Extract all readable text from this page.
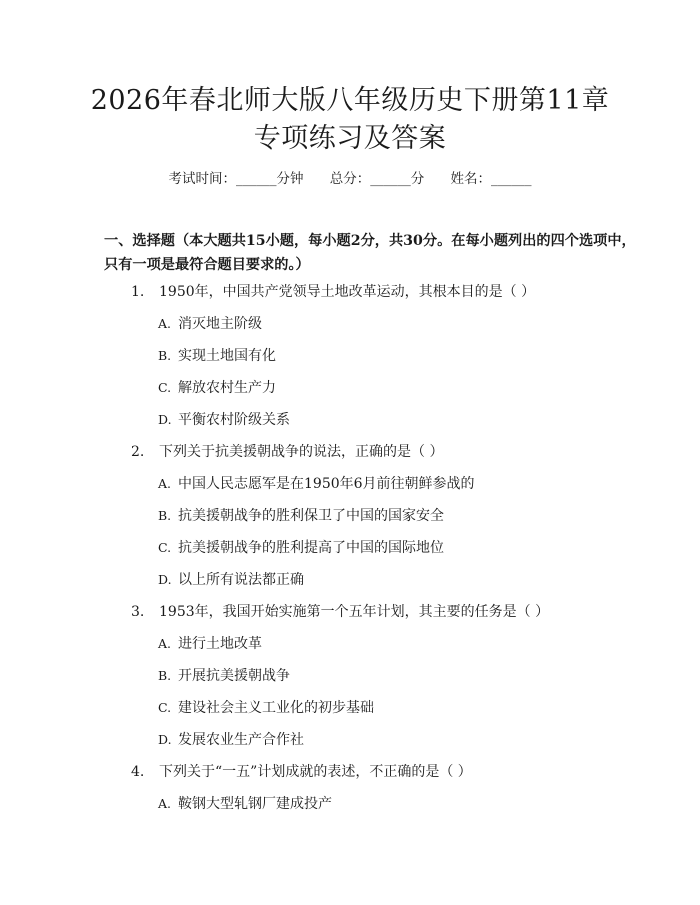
2026年春北师大版八年级历史下册第11章
专项练习及答案
考试时间：______分钟 总分：______分 姓名：______
一、选择题（本大题共15小题，每小题2分，共30分。在每小题列出的四个选项中，只有一项是最符合题目要求的。）
1. 1950年，中国共产党领导土地改革运动，其根本目的是（ ）
A. 消灭地主阶级
B. 实现土地国有化
C. 解放农村生产力
D. 平衡农村阶级关系
2. 下列关于抗美援朝战争的说法，正确的是（ ）
A. 中国人民志愿军是在1950年6月前往朝鲜参战的
B. 抗美援朝战争的胜利保卫了中国的国家安全
C. 抗美援朝战争的胜利提高了中国的国际地位
D. 以上所有说法都正确
3. 1953年，我国开始实施第一个五年计划，其主要的任务是（ ）
A. 进行土地改革
B. 开展抗美援朝战争
C. 建设社会主义工业化的初步基础
D. 发展农业生产合作社
4. 下列关于“一五”计划成就的表述，不正确的是（ ）
A. 鞍钢大型轧钢厂建成投产
